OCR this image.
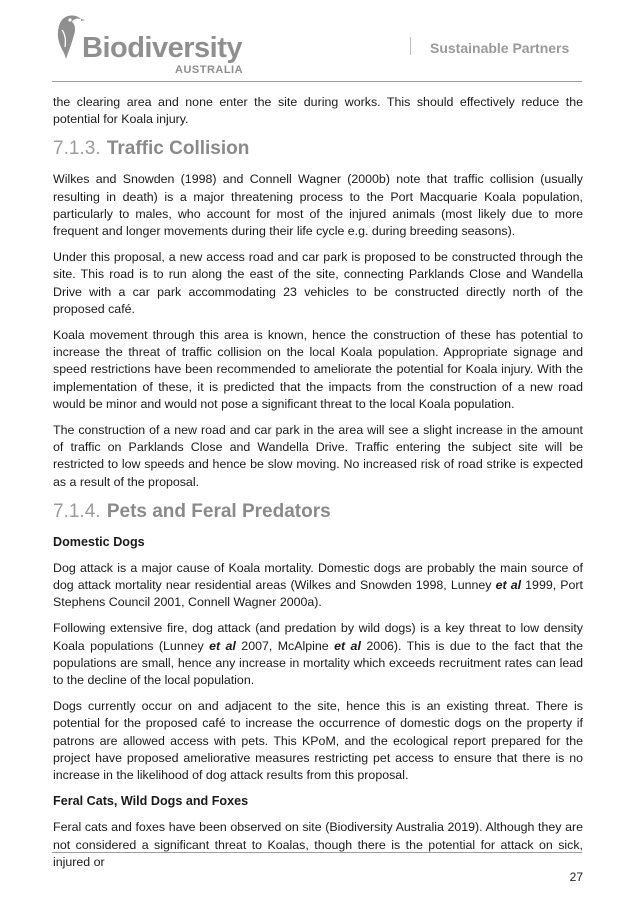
Biodiversity
AUSTRALIA
Sustainable Partners

the clearing area and none enter the site during works. This should effectively reduce the potential for Koala injury.

7.1.3. Traffic Collision

Wilkes and Snowden (1998) and Connell Wagner (2000b) note that traffic collision (usually resulting in death) is a major threatening process to the Port Macquarie Koala population, particularly to males, who account for most of the injured animals (most likely due to more frequent and longer movements during their life cycle e.g. during breeding seasons).

Under this proposal, a new access road and car park is proposed to be constructed through the site. This road is to run along the east of the site, connecting Parklands Close and Wandella Drive with a car park accommodating 23 vehicles to be constructed directly north of the proposed café.

Koala movement through this area is known, hence the construction of these has potential to increase the threat of traffic collision on the local Koala population. Appropriate signage and speed restrictions have been recommended to ameliorate the potential for Koala injury. With the implementation of these, it is predicted that the impacts from the construction of a new road would be minor and would not pose a significant threat to the local Koala population.

The construction of a new road and car park in the area will see a slight increase in the amount of traffic on Parklands Close and Wandella Drive. Traffic entering the subject site will be restricted to low speeds and hence be slow moving. No increased risk of road strike is expected as a result of the proposal.

7.1.4. Pets and Feral Predators
Domestic Dogs

Dog attack is a major cause of Koala mortality. Domestic dogs are probably the main source of dog attack mortality near residential areas (Wilkes and Snowden 1998, Lunney et al 1999, Port Stephens Council 2001, Connell Wagner 2000a).

Following extensive fire, dog attack (and predation by wild dogs) is a key threat to low density Koala populations (Lunney et al 2007, McAlpine et al 2006). This is due to the fact that the populations are small, hence any increase in mortality which exceeds recruitment rates can lead to the decline of the local population.

Dogs currently occur on and adjacent to the site, hence this is an existing threat. There is potential for the proposed café to increase the occurrence of domestic dogs on the property if patrons are allowed access with pets. This KPoM, and the ecological report prepared for the project have proposed ameliorative measures restricting pet access to ensure that there is no increase in the likelihood of dog attack results from this proposal.

Feral Cats, Wild Dogs and Foxes

Feral cats and foxes have been observed on site (Biodiversity Australia 2019). Although they are not considered a significant threat to Koalas, though there is the potential for attack on sick, injured or

27
